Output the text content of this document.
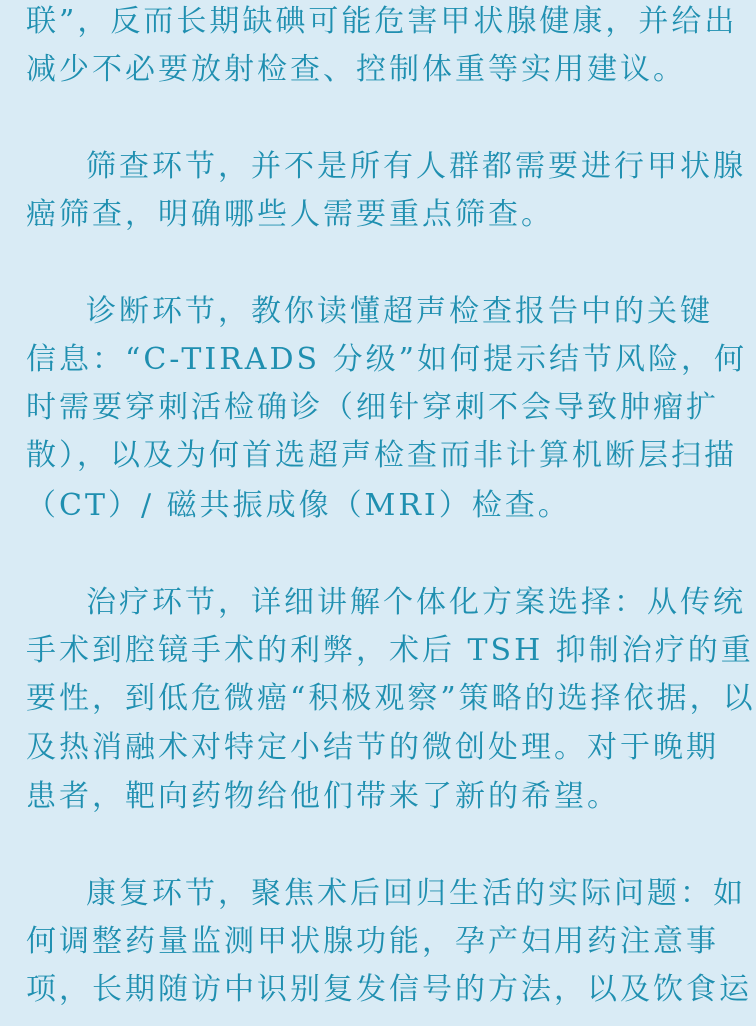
联”，反而长期缺碘可能危害甲状腺健康，并给出
减少不必要放射检查、控制体重等实用建议。
筛查环节，并不是所有人群都需要进行甲状腺
癌筛查，明确哪些人需要重点筛查。
诊断环节，教你读懂超声检查报告中的关键
信息：“C-TIRADS 分级”如何提示结节风险，何
时需要穿刺活检确诊（细针穿刺不会导致肿瘤扩
散），以及为何首选超声检查而非计算机断层扫描
（CT）/ 磁共振成像（MRI）检查。
治疗环节，详细讲解个体化方案选择：从传统
手术到腔镜手术的利弊，术后 TSH 抑制治疗的重
要性，到低危微癌“积极观察”策略的选择依据，以
及热消融术对特定小结节的微创处理。对于晚期
患者，靶向药物给他们带来了新的希望。
康复环节，聚焦术后回归生活的实际问题：如
何调整药量监测甲状腺功能，孕产妇用药注意事
项，长期随访中识别复发信号的方法，以及饮食运
